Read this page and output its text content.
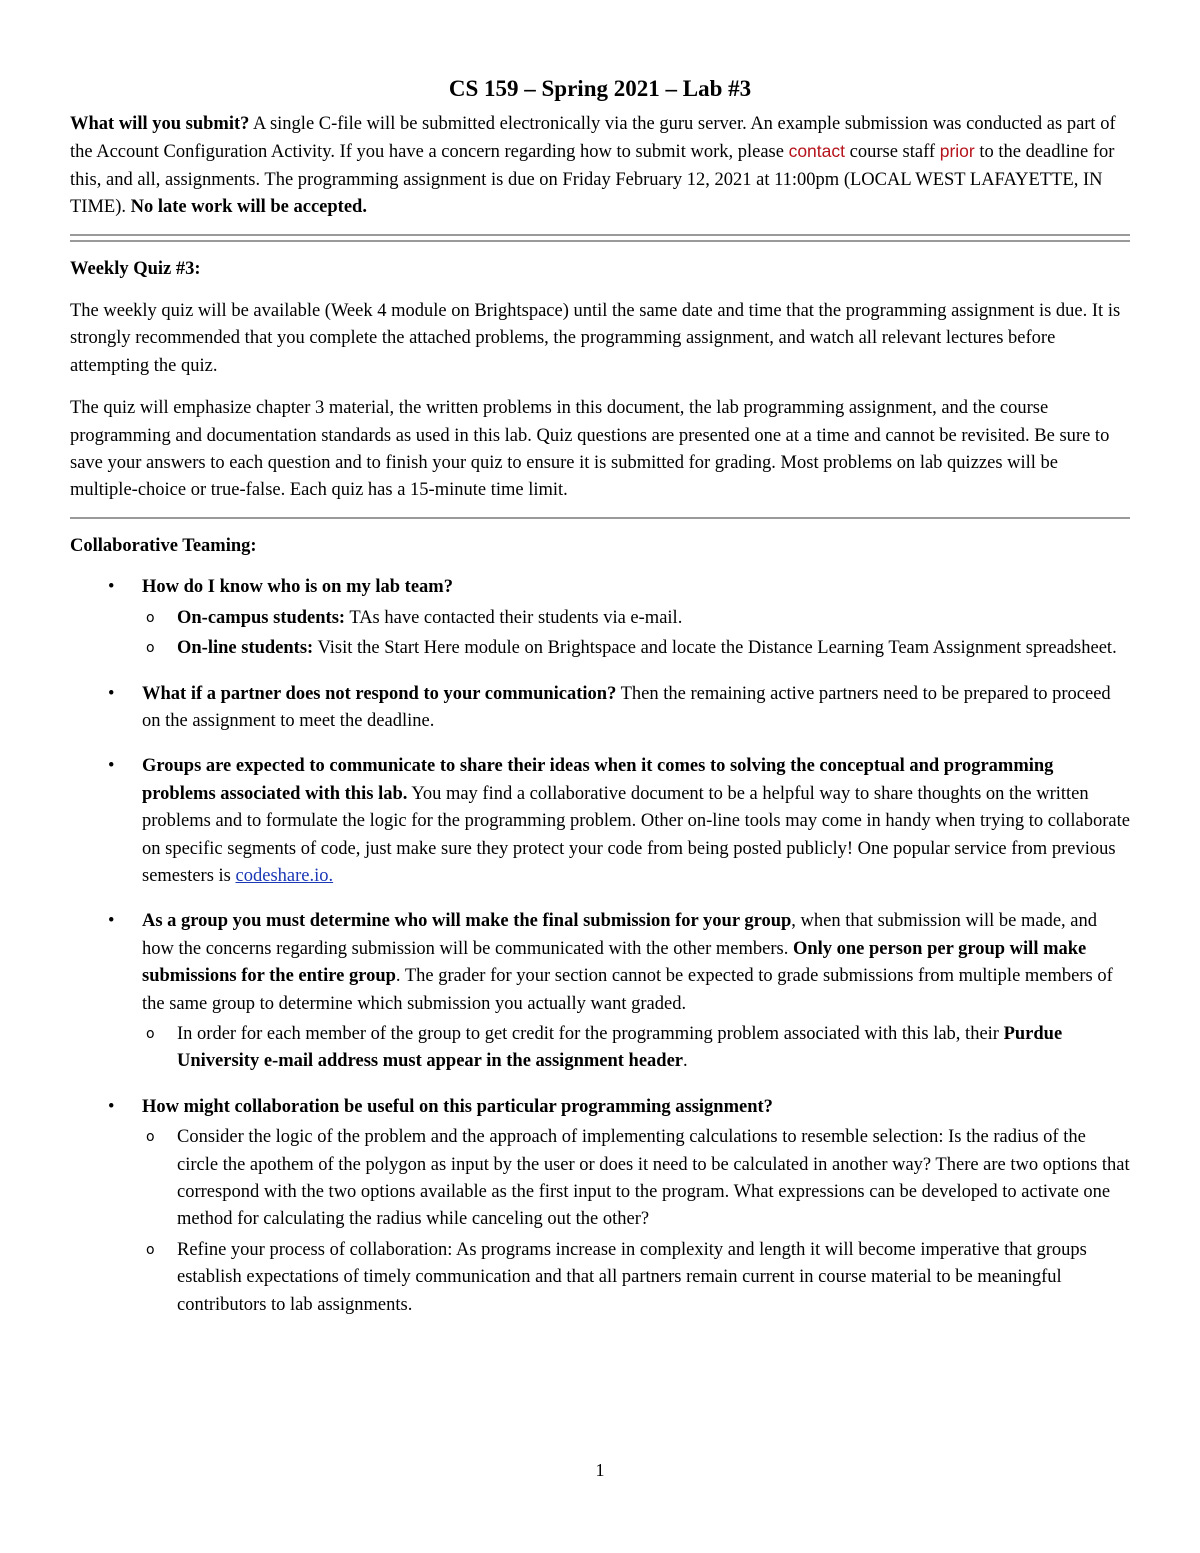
CS 159 – Spring 2021 – Lab #3

What will you submit? A single C-file will be submitted electronically via the guru server. An example submission was conducted as part of the Account Configuration Activity. If you have a concern regarding how to submit work, please contact course staff prior to the deadline for this, and all, assignments. The programming assignment is due on Friday February 12, 2021 at 11:00pm (LOCAL WEST LAFAYETTE, IN TIME). No late work will be accepted.

Weekly Quiz #3:

The weekly quiz will be available (Week 4 module on Brightspace) until the same date and time that the programming assignment is due. It is strongly recommended that you complete the attached problems, the programming assignment, and watch all relevant lectures before attempting the quiz.

The quiz will emphasize chapter 3 material, the written problems in this document, the lab programming assignment, and the course programming and documentation standards as used in this lab. Quiz questions are presented one at a time and cannot be revisited. Be sure to save your answers to each question and to finish your quiz to ensure it is submitted for grading. Most problems on lab quizzes will be multiple-choice or true-false. Each quiz has a 15-minute time limit.

Collaborative Teaming:

• How do I know who is on my lab team?
o On-campus students: TAs have contacted their students via e-mail.
o On-line students: Visit the Start Here module on Brightspace and locate the Distance Learning Team Assignment spreadsheet.
• What if a partner does not respond to your communication? Then the remaining active partners need to be prepared to proceed on the assignment to meet the deadline.
• Groups are expected to communicate to share their ideas when it comes to solving the conceptual and programming problems associated with this lab. You may find a collaborative document to be a helpful way to share thoughts on the written problems and to formulate the logic for the programming problem. Other on-line tools may come in handy when trying to collaborate on specific segments of code, just make sure they protect your code from being posted publicly! One popular service from previous semesters is codeshare.io.
• As a group you must determine who will make the final submission for your group, when that submission will be made, and how the concerns regarding submission will be communicated with the other members. Only one person per group will make submissions for the entire group. The grader for your section cannot be expected to grade submissions from multiple members of the same group to determine which submission you actually want graded.
o In order for each member of the group to get credit for the programming problem associated with this lab, their Purdue University e-mail address must appear in the assignment header.
• How might collaboration be useful on this particular programming assignment?
o Consider the logic of the problem and the approach of implementing calculations to resemble selection: Is the radius of the circle the apothem of the polygon as input by the user or does it need to be calculated in another way? There are two options that correspond with the two options available as the first input to the program. What expressions can be developed to activate one method for calculating the radius while canceling out the other?
o Refine your process of collaboration: As programs increase in complexity and length it will become imperative that groups establish expectations of timely communication and that all partners remain current in course material to be meaningful contributors to lab assignments.
1
